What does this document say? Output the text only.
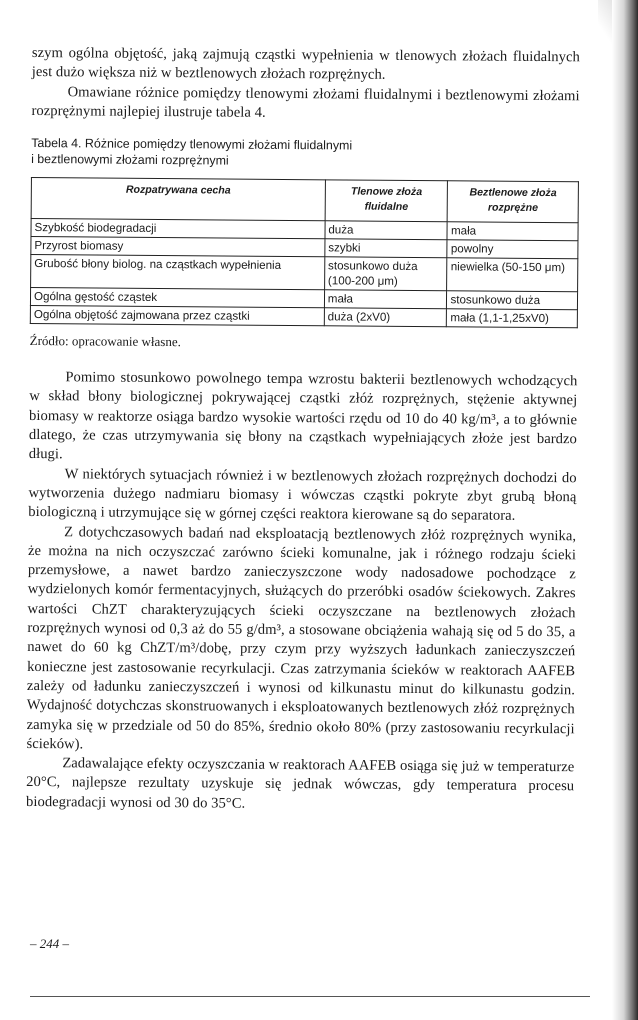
szym ogólna objętość, jaką zajmują cząstki wypełnienia w tlenowych złożach fluidalnych jest dużo większa niż w beztlenowych złożach rozprężnych.

Omawiane różnice pomiędzy tlenowymi złożami fluidalnymi i beztlenowymi złożami rozprężnymi najlepiej ilustruje tabela 4.

Tabela 4. Różnice pomiędzy tlenowymi złożami fluidalnymi
i beztlenowymi złożami rozprężnymi
Rozpatrywana cecha	Tlenowe złoża fluidalne	Beztlenowe złoża rozprężne
Szybkość biodegradacji	duża	mała
Przyrost biomasy	szybki	powolny
Grubość błony biolog. na cząstkach wypełnienia	stosunkowo duża (100-200 μm)	niewielka (50-150 μm)
Ogólna gęstość cząstek	mała	stosunkowo duża
Ogólna objętość zajmowana przez cząstki	duża (2xV0)	mała (1,1-1,25xV0)
Źródło: opracowanie własne.

Pomimo stosunkowo powolnego tempa wzrostu bakterii beztlenowych wchodzących w skład błony biologicznej pokrywającej cząstki złóż rozprężnych, stężenie aktywnej biomasy w reaktorze osiąga bardzo wysokie wartości rzędu od 10 do 40 kg/m³, a to głównie dlatego, że czas utrzymywania się błony na cząstkach wypełniających złoże jest bardzo długi.

W niektórych sytuacjach również i w beztlenowych złożach rozprężnych dochodzi do wytworzenia dużego nadmiaru biomasy i wówczas cząstki pokryte zbyt grubą błoną biologiczną i utrzymujące się w górnej części reaktora kierowane są do separatora.

Z dotychczasowych badań nad eksploatacją beztlenowych złóż rozprężnych wynika, że można na nich oczyszczać zarówno ścieki komunalne, jak i różnego rodzaju ścieki przemysłowe, a nawet bardzo zanieczyszczone wody nadosadowe pochodzące z wydzielonych komór fermentacyjnych, służących do przeróbki osadów ściekowych. Zakres wartości ChZT charakteryzujących ścieki oczyszczane na beztlenowych złożach rozprężnych wynosi od 0,3 aż do 55 g/dm³, a stosowane obciążenia wahają się od 5 do 35, a nawet do 60 kg ChZT/m³/dobę, przy czym przy wyższych ładunkach zanieczyszczeń konieczne jest zastosowanie recyrkulacji. Czas zatrzymania ścieków w reaktorach AAFEB zależy od ładunku zanieczyszczeń i wynosi od kilkunastu minut do kilkunastu godzin. Wydajność dotychczas skonstruowanych i eksploatowanych beztlenowych złóż rozprężnych zamyka się w przedziale od 50 do 85%, średnio około 80% (przy zastosowaniu recyrkulacji ścieków).

Zadawalające efekty oczyszczania w reaktorach AAFEB osiąga się już w temperaturze 20°C, najlepsze rezultaty uzyskuje się jednak wówczas, gdy temperatura procesu biodegradacji wynosi od 30 do 35°C.

– 244 –
